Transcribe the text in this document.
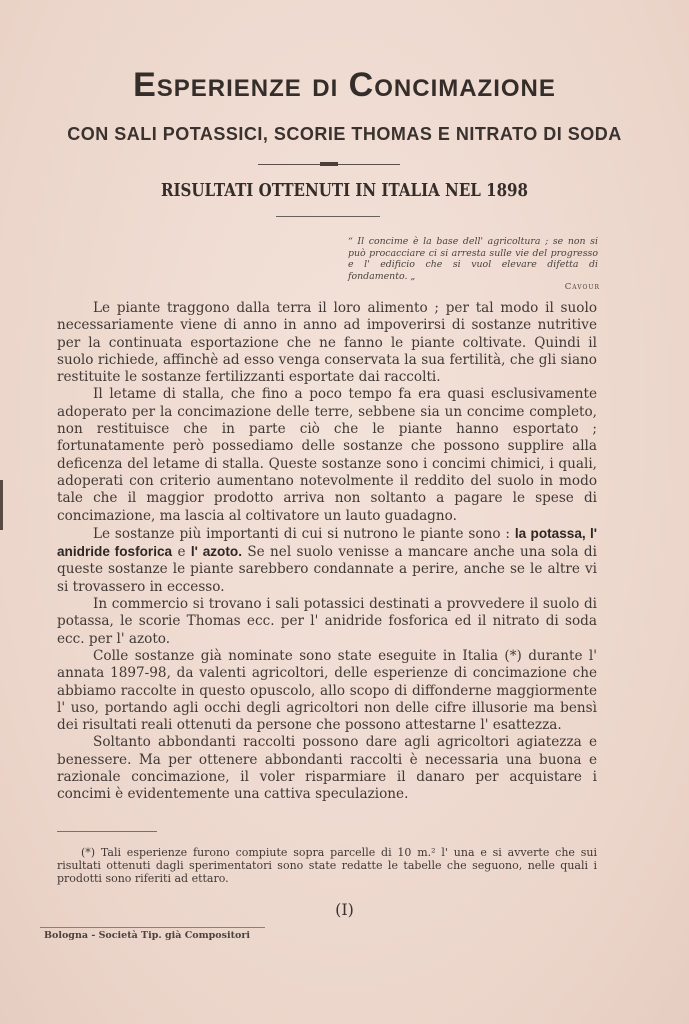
Esperienze di Concimazione
CON SALI POTASSICI, SCORIE THOMAS E NITRATO DI SODA
RISULTATI OTTENUTI IN ITALIA NEL 1898
“ Il concime è la base dell' agricoltura ; se non si può procacciare ci si arresta sulle vie del progresso e l' edificio che si vuol elevare difetta di fondamento. „
Cavour

Le piante traggono dalla terra il loro alimento ; per tal modo il suolo necessariamente viene di anno in anno ad impoverirsi di sostanze nutritive per la continuata esportazione che ne fanno le piante coltivate. Quindi il suolo richiede, affinchè ad esso venga conservata la sua fertilità, che gli siano restituite le sostanze fertilizzanti esportate dai raccolti.

Il letame di stalla, che fino a poco tempo fa era quasi esclusivamente adoperato per la concimazione delle terre, sebbene sia un concime completo, non restituisce che in parte ciò che le piante hanno esportato ; fortunatamente però possediamo delle sostanze che possono supplire alla deficenza del letame di stalla. Queste sostanze sono i concimi chimici, i quali, adoperati con criterio aumentano notevolmente il reddito del suolo in modo tale che il maggior prodotto arriva non soltanto a pagare le spese di concimazione, ma lascia al coltivatore un lauto guadagno.

Le sostanze più importanti di cui si nutrono le piante sono : la potassa, l' anidride fosforica e l' azoto. Se nel suolo venisse a mancare anche una sola di queste sostanze le piante sarebbero condannate a perire, anche se le altre vi si trovassero in eccesso.

In commercio si trovano i sali potassici destinati a provvedere il suolo di potassa, le scorie Thomas ecc. per l' anidride fosforica ed il nitrato di soda ecc. per l' azoto.

Colle sostanze già nominate sono state eseguite in Italia (*) durante l' annata 1897-98, da valenti agricoltori, delle esperienze di concimazione che abbiamo raccolte in questo opuscolo, allo scopo di diffonderne maggiormente l' uso, portando agli occhi degli agricoltori non delle cifre illusorie ma bensì dei risultati reali ottenuti da persone che possono attestarne l' esattezza.

Soltanto abbondanti raccolti possono dare agli agricoltori agiatezza e benessere. Ma per ottenere abbondanti raccolti è necessaria una buona e razionale concimazione, il voler risparmiare il danaro per acquistare i concimi è evidentemente una cattiva speculazione.

(*) Tali esperienze furono compiute sopra parcelle di 10 m.² l' una e si avverte che sui risultati ottenuti dagli sperimentatori sono state redatte le tabelle che seguono, nelle quali i prodotti sono riferiti ad ettaro.

(I)
Bologna - Società Tip. già Compositori
